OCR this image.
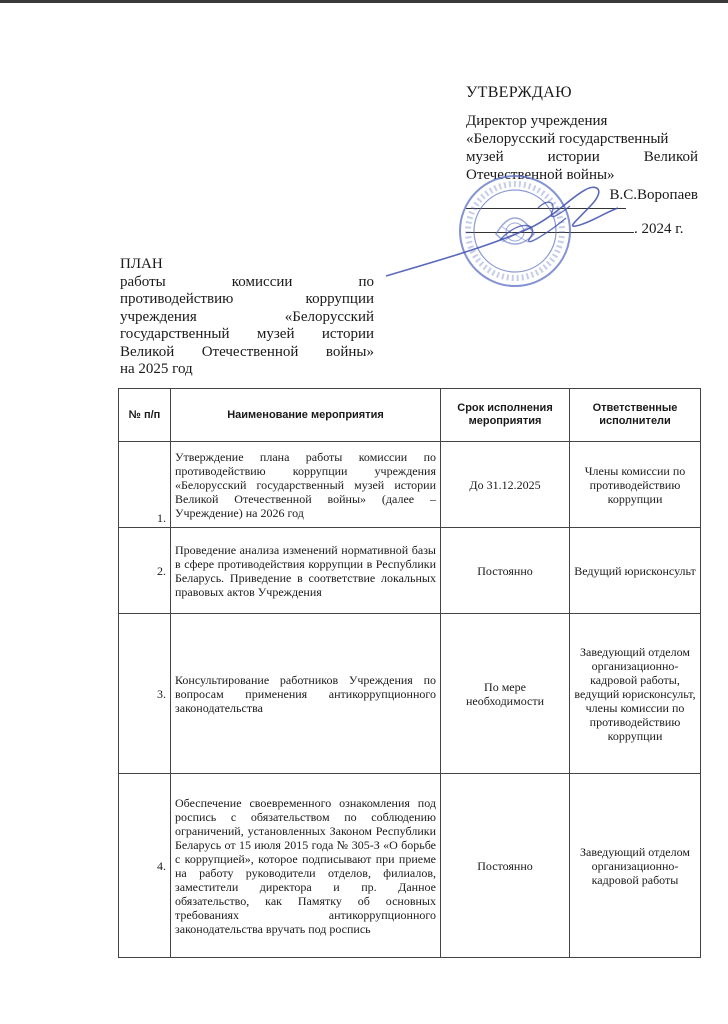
УТВЕРЖДАЮ
Директор учреждения
«Белорусский государственный
музей истории Великой
Отечественной войны»
В.С.Воропаев
. 2024 г.
ПЛАН
работы комиссии по
противодействию коррупции
учреждения «Белорусский
государственный музей истории
Великой Отечественной войны»
на 2025 год
№ п/п	Наименование мероприятия	Срок исполнения мероприятия	Ответственные исполнители
1.	Утверждение плана работы комиссии по противодействию коррупции учреждения «Белорусский государственный музей истории Великой Отечественной войны» (далее – Учреждение) на 2026 год	До 31.12.2025	Члены комиссии по противодействию коррупции
2.	Проведение анализа изменений нормативной базы в сфере противодействия коррупции в Республики Беларусь. Приведение в соответствие локальных правовых актов Учреждения	Постоянно	Ведущий юрисконсульт
3.	Консультирование работников Учреждения по вопросам применения антикоррупционного законодательства	По мере необходимости	Заведующий отделом организационно-кадровой работы, ведущий юрисконсульт, члены комиссии по противодействию коррупции
4.	Обеспечение своевременного ознакомления под роспись с обязательством по соблюдению ограничений, установленных Законом Республики Беларусь от 15 июля 2015 года № 305-З «О борьбе с коррупцией», которое подписывают при приеме на работу руководители отделов, филиалов, заместители директора и пр. Данное обязательство, как Памятку об основных требованиях антикоррупционного законодательства вручать под роспись	Постоянно	Заведующий отделом организационно-кадровой работы
